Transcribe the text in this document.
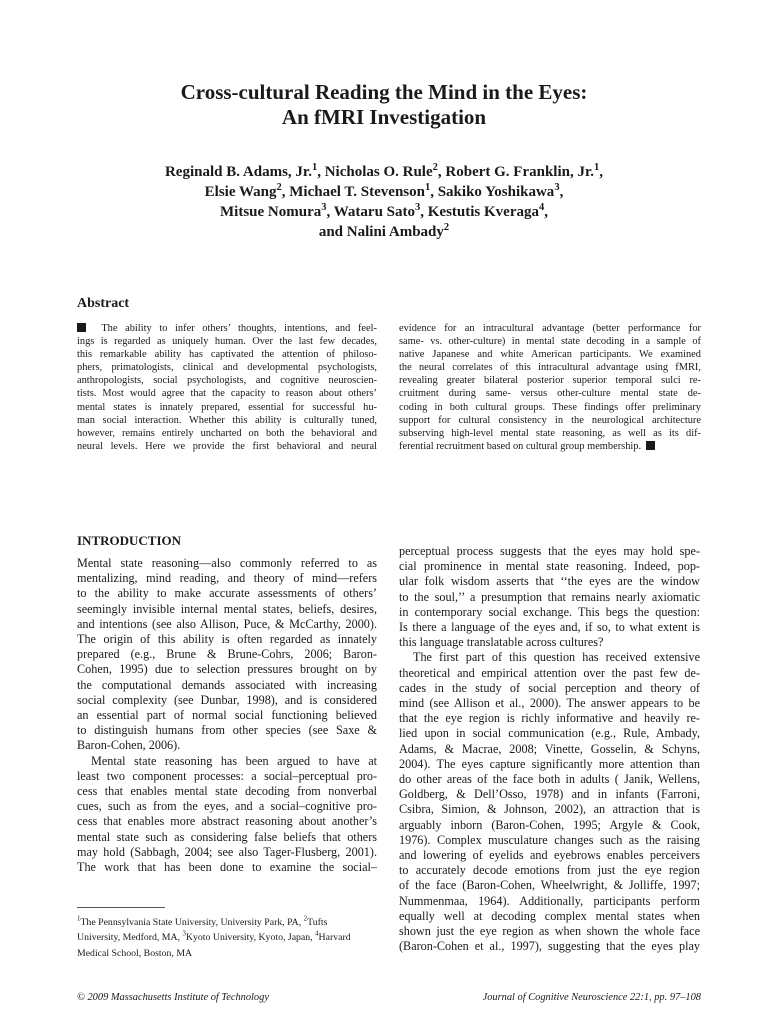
Cross-cultural Reading the Mind in the Eyes:
An fMRI Investigation
Reginald B. Adams, Jr.$^1$, Nicholas O. Rule$^2$, Robert G. Franklin, Jr.$^1$,
Elsie Wang$^2$, Michael T. Stevenson$^1$, Sakiko Yoshikawa$^3$,
Mitsue Nomura$^3$, Wataru Sato$^3$, Kestutis Kveraga$^4$,
and Nalini Ambady$^2$
Abstract
The ability to infer others’ thoughts, intentions, and feel-
ings is regarded as uniquely human. Over the last few decades,
this remarkable ability has captivated the attention of philoso-
phers, primatologists, clinical and developmental psychologists,
anthropologists, social psychologists, and cognitive neuroscien-
tists. Most would agree that the capacity to reason about others’
mental states is innately prepared, essential for successful hu-
man social interaction. Whether this ability is culturally tuned,
however, remains entirely uncharted on both the behavioral and
neural levels. Here we provide the first behavioral and neural
evidence for an intracultural advantage (better performance for
same- vs. other-culture) in mental state decoding in a sample of
native Japanese and white American participants. We examined
the neural correlates of this intracultural advantage using fMRI,
revealing greater bilateral posterior superior temporal sulci re-
cruitment during same- versus other-culture mental state de-
coding in both cultural groups. These findings offer preliminary
support for cultural consistency in the neurological architecture
subserving high-level mental state reasoning, as well as its dif-
ferential recruitment based on cultural group membership.
INTRODUCTION
Mental state reasoning—also commonly referred to as
mentalizing, mind reading, and theory of mind—refers
to the ability to make accurate assessments of others’
seemingly invisible internal mental states, beliefs, desires,
and intentions (see also Allison, Puce, & McCarthy, 2000).
The origin of this ability is often regarded as innately
prepared (e.g., Brune & Brune-Cohrs, 2006; Baron-
Cohen, 1995) due to selection pressures brought on by
the computational demands associated with increasing
social complexity (see Dunbar, 1998), and is considered
an essential part of normal social functioning believed
to distinguish humans from other species (see Saxe &
Baron-Cohen, 2006).
Mental state reasoning has been argued to have at
least two component processes: a social–perceptual pro-
cess that enables mental state decoding from nonverbal
cues, such as from the eyes, and a social–cognitive pro-
cess that enables more abstract reasoning about another’s
mental state such as considering false beliefs that others
may hold (Sabbagh, 2004; see also Tager-Flusberg, 2001).
The work that has been done to examine the social–
perceptual process suggests that the eyes may hold spe-
cial prominence in mental state reasoning. Indeed, pop-
ular folk wisdom asserts that ‘‘the eyes are the window
to the soul,’’ a presumption that remains nearly axiomatic
in contemporary social exchange. This begs the question:
Is there a language of the eyes and, if so, to what extent is
this language translatable across cultures?
The first part of this question has received extensive
theoretical and empirical attention over the past few de-
cades in the study of social perception and theory of
mind (see Allison et al., 2000). The answer appears to be
that the eye region is richly informative and heavily re-
lied upon in social communication (e.g., Rule, Ambady,
Adams, & Macrae, 2008; Vinette, Gosselin, & Schyns,
2004). The eyes capture significantly more attention than
do other areas of the face both in adults ( Janik, Wellens,
Goldberg, & Dell’Osso, 1978) and in infants (Farroni,
Csibra, Simion, & Johnson, 2002), an attraction that is
arguably inborn (Baron-Cohen, 1995; Argyle & Cook,
1976). Complex musculature changes such as the raising
and lowering of eyelids and eyebrows enables perceivers
to accurately decode emotions from just the eye region
of the face (Baron-Cohen, Wheelwright, & Jolliffe, 1997;
Nummenmaa, 1964). Additionally, participants perform
equally well at decoding complex mental states when
shown just the eye region as when shown the whole face
(Baron-Cohen et al., 1997), suggesting that the eyes play
$^1$The Pennsylvania State University, University Park, PA, $^2$Tufts
University, Medford, MA, $^3$Kyoto University, Kyoto, Japan, $^4$Harvard
Medical School, Boston, MA
© 2009 Massachusetts Institute of Technology	Journal of Cognitive Neuroscience 22:1, pp. 97–108
